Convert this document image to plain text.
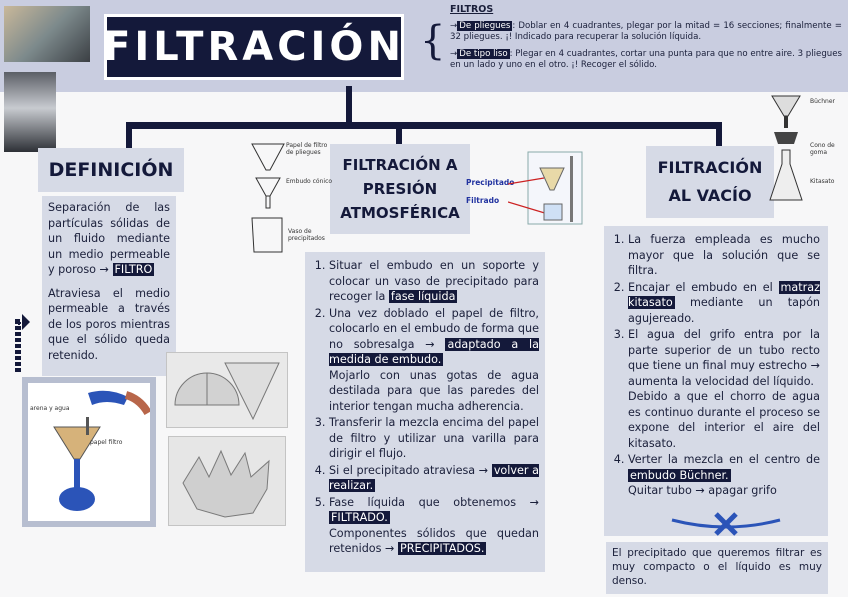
FILTRACIÓN {
FILTROS

→ De pliegues : Doblar en 4 cuadrantes, plegar por la mitad = 16 secciones; finalmente = 32 pliegues. ¡! Indicado para recuperar la solución líquida.

→ De tipo liso : Plegar en 4 cuadrantes, cortar una punta para que no entre aire. 3 pliegues en un lado y uno en el otro. ¡! Recoger el sólido.

DEFINICIÓN

Separación de las partículas sólidas de un fluido mediante un medio permeable y poroso → FILTRO

Atraviesa el medio permeable a través de los poros mientras que el sólido queda retenido.

arena y agua
papel filtro
FILTRACIÓN A
PRESIÓN
ATMOSFÉRICA
Papel de filtro de pliegues
Embudo cónico
Vaso de precipitados
Precipitado
Filtrado
1. Situar el embudo en un soporte y colocar un vaso de precipitado para recoger la fase líquida
2. Una vez doblado el papel de filtro, colocarlo en el embudo de forma que no sobresalga → adaptado a la medida de embudo.
Mojarlo con unas gotas de agua destilada para que las paredes del interior tengan mucha adherencia.
3. Transferir la mezcla encima del papel de filtro y utilizar una varilla para dirigir el flujo.
4. Si el precipitado atraviesa → volver a realizar.
5. Fase líquida que obtenemos → FILTRADO.
Componentes sólidos que quedan retenidos → PRECIPITADOS.
FILTRACIÓN
AL VACÍO
Büchner
Cono de goma
Kitasato
1. La fuerza empleada es mucho mayor que la solución que se filtra.
2. Encajar el embudo en el matraz kitasato mediante un tapón agujereado.
3. El agua del grifo entra por la parte superior de un tubo recto que tiene un final muy estrecho → aumenta la velocidad del líquido.
Debido a que el chorro de agua es continuo durante el proceso se expone del interior el aire del kitasato.
4. Verter la mezcla en el centro de embudo Büchner.
Quitar tubo → apagar grifo
El precipitado que queremos filtrar es muy compacto o el líquido es muy denso.
